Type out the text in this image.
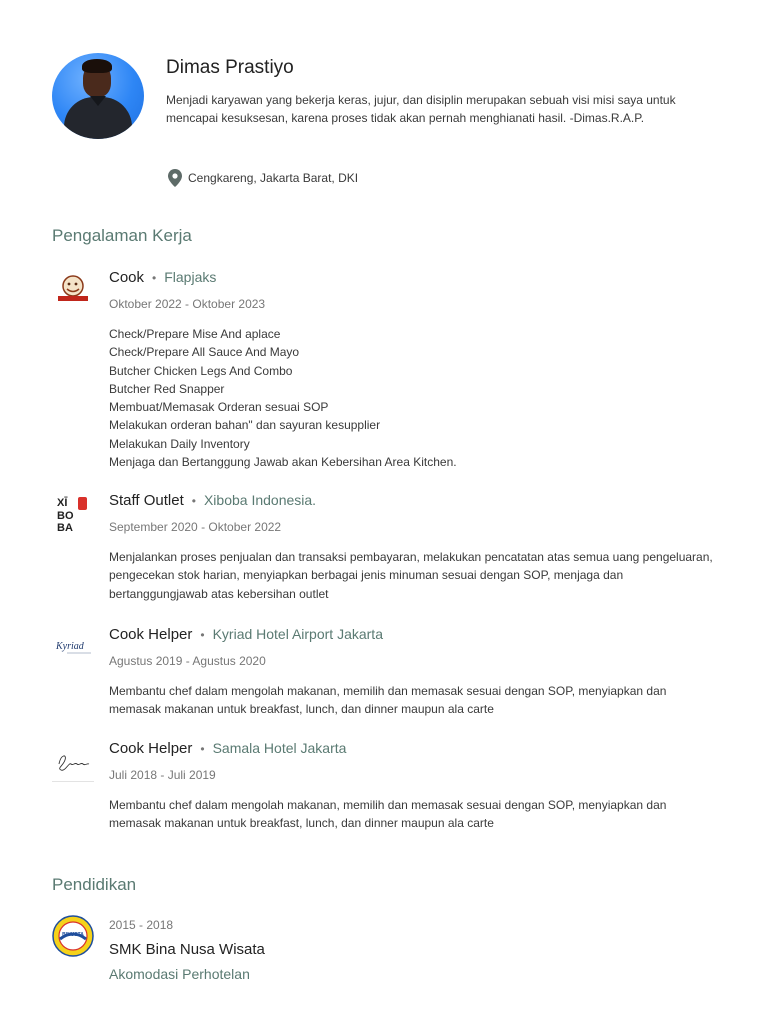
Dimas Prastiyo
Menjadi karyawan yang bekerja keras, jujur, dan disiplin merupakan sebuah visi misi saya untuk mencapai kesuksesan, karena proses tidak akan pernah menghianati hasil. -Dimas.R.A.P.
Cengkareng, Jakarta Barat, DKI
Pengalaman Kerja
Cook • Flapjaks
Oktober 2022 - Oktober 2023
Check/Prepare Mise And aplace
Check/Prepare All Sauce And Mayo
Butcher Chicken Legs And Combo
Butcher Red Snapper
Membuat/Memasak Orderan sesuai SOP
Melakukan orderan bahan" dan sayuran kesupplier
Melakukan Daily Inventory
Menjaga dan Bertanggung Jawab akan Kebersihan Area Kitchen.
XĪ
BO
BA
Staff Outlet • Xiboba Indonesia.
September 2020 - Oktober 2022
Menjalankan proses penjualan dan transaksi pembayaran, melakukan pencatatan atas semua uang pengeluaran, pengecekan stok harian, menyiapkan berbagai jenis minuman sesuai dengan SOP, menjaga dan bertanggungjawab atas kebersihan outlet
Kyriad
Cook Helper • Kyriad Hotel Airport Jakarta
Agustus 2019 - Agustus 2020
Membantu chef dalam mengolah makanan, memilih dan memasak sesuai dengan SOP, menyiapkan dan memasak makanan untuk breakfast, lunch, dan dinner maupun ala carte
Cook Helper • Samala Hotel Jakarta
Juli 2018 - Juli 2019
Membantu chef dalam mengolah makanan, memilih dan memasak sesuai dengan SOP, menyiapkan dan memasak makanan untuk breakfast, lunch, dan dinner maupun ala carte
Pendidikan
BINUSTA
2015 - 2018
SMK Bina Nusa Wisata
Akomodasi Perhotelan
